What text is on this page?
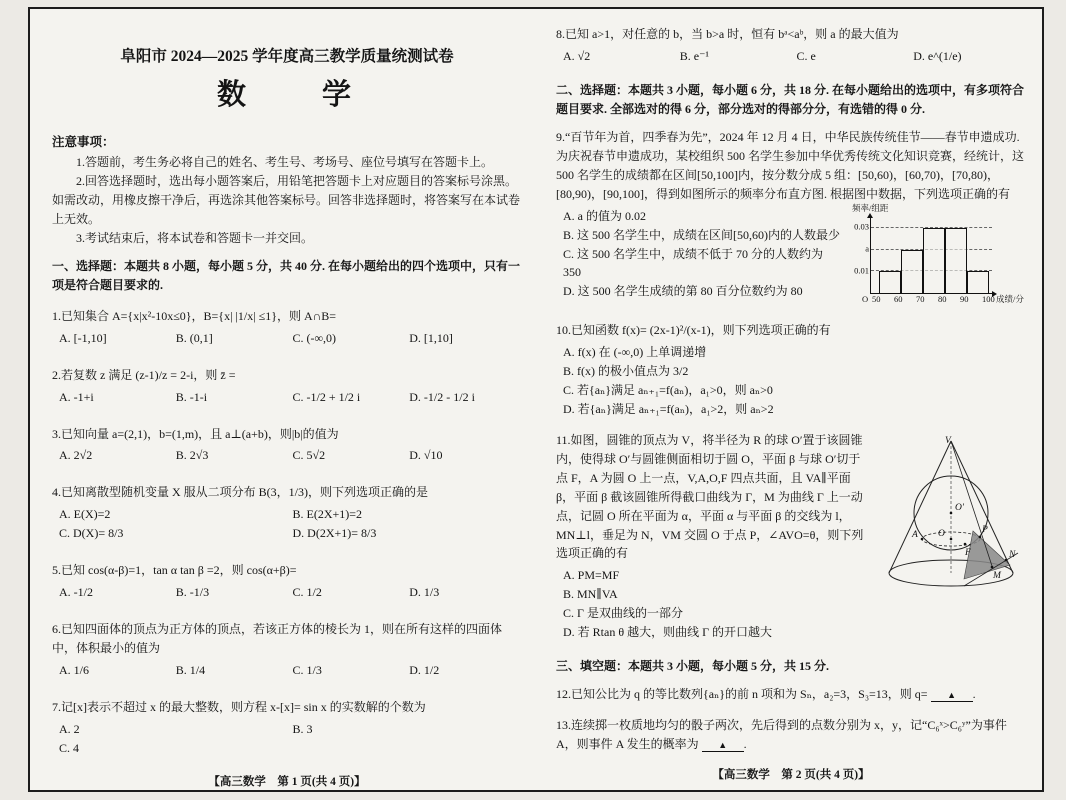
阜阳市 2024—2025 学年度高三教学质量统测试卷
数　　学
注意事项：

1.答题前，考生务必将自己的姓名、考生号、考场号、座位号填写在答题卡上。

2.回答选择题时，选出每小题答案后，用铅笔把答题卡上对应题目的答案标号涂黑。如需改动，用橡皮擦干净后，再选涂其他答案标号。回答非选择题时，将答案写在本试卷上无效。

3.考试结束后，将本试卷和答题卡一并交回。

一、选择题：本题共 8 小题，每小题 5 分，共 40 分. 在每小题给出的四个选项中，只有一项是符合题目要求的.
1.已知集合 A={x|x²-10x≤0}，B={x| |1/x| ≤1}，则 A∩B=
A. [-1,10]	B. (0,1]	C. (-∞,0)	D. [1,10]
2.若复数 z 满足 (z-1)/z = 2-i，则 z̄ =
A. -1+i	B. -1-i	C. -1/2 + 1/2 i	D. -1/2 - 1/2 i
3.已知向量 a=(2,1)，b=(1,m)，且 a⊥(a+b)，则|b|的值为
A. 2√2	B. 2√3	C. 5√2	D. √10
4.已知离散型随机变量 X 服从二项分布 B(3，1/3)，则下列选项正确的是
A. E(X)=2	B. E(2X+1)=2
C. D(X)= 8/3	D. D(2X+1)= 8/3
5.已知 cos(α-β)=1，tan α tan β =2，则 cos(α+β)=
A. -1/2	B. -1/3	C. 1/2	D. 1/3
6.已知四面体的顶点为正方体的顶点，若该正方体的棱长为 1，则在所有这样的四面体中，体积最小的值为
A. 1/6	B. 1/4	C. 1/3	D. 1/2
7.记[x]表示不超过 x 的最大整数，则方程 x-[x]= sin x 的实数解的个数为
A. 2	B. 3
C. 4
【高三数学　第 1 页(共 4 页)】
8.已知 a>1，对任意的 b，当 b>a 时，恒有 bᵃ<aᵇ，则 a 的最大值为
A. √2	B. e⁻¹	C. e	D. e^(1/e)
二、选择题：本题共 3 小题，每小题 6 分，共 18 分. 在每小题给出的选项中，有多项符合题目要求. 全部选对的得 6 分，部分选对的得部分分，有选错的得 0 分.
9.“百节年为首，四季春为先”，2024 年 12 月 4 日，中华民族传统佳节——春节申遗成功. 为庆祝春节申遗成功，某校组织 500 名学生参加中华优秀传统文化知识竞赛，经统计，这 500 名学生的成绩都在区间[50,100]内，按分数分成 5 组：[50,60)，[60,70)，[70,80)，[80,90)，[90,100]，得到如图所示的频率分布直方图. 根据图中数据，下列选项正确的有
频率/组距
0.03
a
0.01
O	成绩/分
50 60 70 80 90 100
A. a 的值为 0.02
B. 这 500 名学生中，成绩在区间[50,60)内的人数最少
C. 这 500 名学生中，成绩不低于 70 分的人数约为 350
D. 这 500 名学生成绩的第 80 百分位数约为 80
10.已知函数 f(x)= (2x-1)²/(x-1)，则下列选项正确的有
A. f(x) 在 (-∞,0) 上单调递增
B. f(x) 的极小值点为 3/2
C. 若{aₙ}满足 aₙ₊₁=f(aₙ)，a₁>0，则 aₙ>0
D. 若{aₙ}满足 aₙ₊₁=f(aₙ)，a₁>2，则 aₙ>2
V
O′
O
F
A	P
M
N
11.如图，圆锥的顶点为 V，将半径为 R 的球 O′置于该圆锥内，使得球 O′与圆锥侧面相切于圆 O，平面 β 与球 O′切于点 F，A 为圆 O 上一点，V,A,O,F 四点共面，且 VA∥平面 β，平面 β 截该圆锥所得截口曲线为 Γ，M 为曲线 Γ 上一动点，记圆 O 所在平面为 α，平面 α 与平面 β 的交线为 l，MN⊥l，垂足为 N，VM 交圆 O 于点 P，∠AVO=θ，则下列选项正确的有
A. PM=MF
B. MN∥VA
C. Γ 是双曲线的一部分
D. 若 Rtan θ 越大，则曲线 Γ 的开口越大
三、填空题：本题共 3 小题，每小题 5 分，共 15 分.
12.已知公比为 q 的等比数列{aₙ}的前 n 项和为 Sₙ，a₂=3，S₃=13，则 q= ▲ .
13.连续掷一枚质地均匀的骰子两次，先后得到的点数分别为 x，y，记“C₆ˣ>C₆ʸ”为事件 A，则事件 A 发生的概率为 ▲ .
【高三数学　第 2 页(共 4 页)】
